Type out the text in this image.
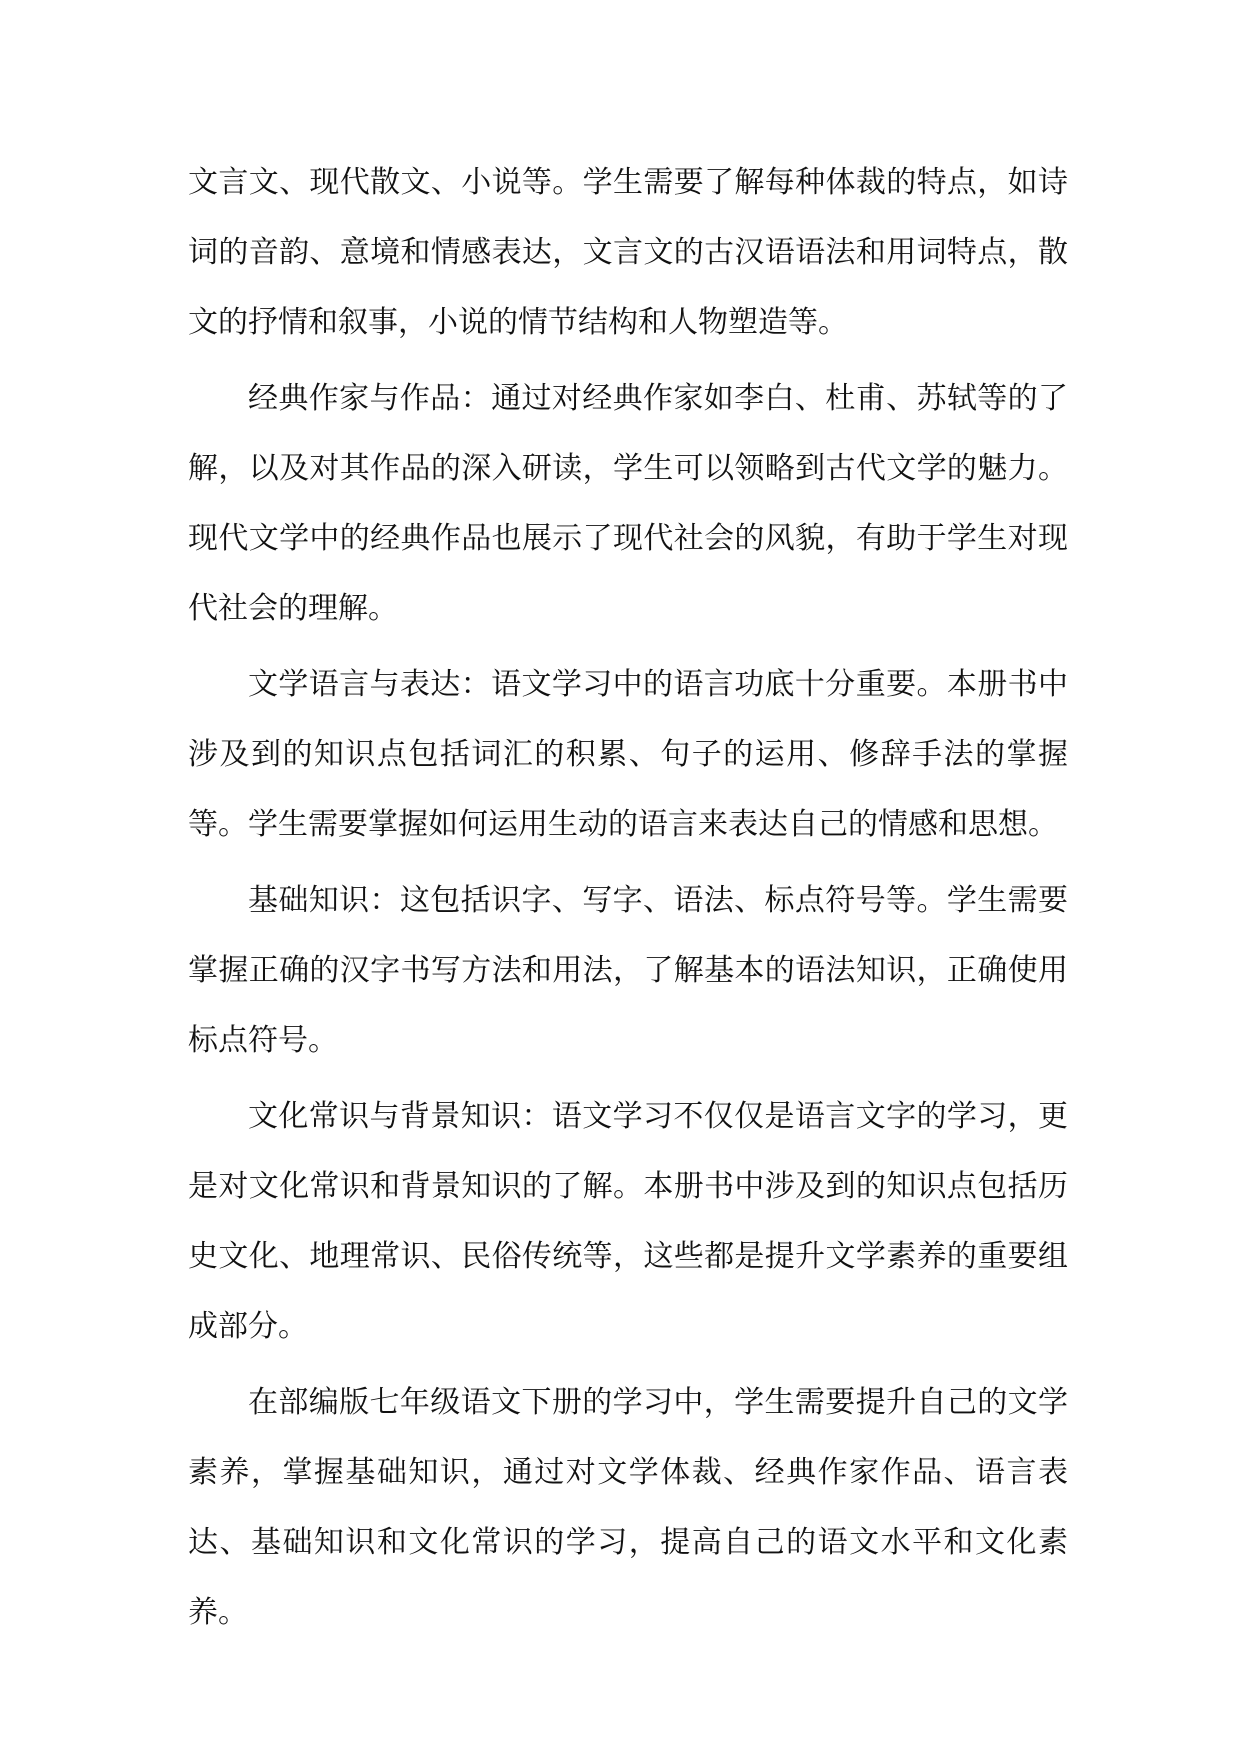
文言文、现代散文、小说等。学生需要了解每种体裁的特点，如诗词的音韵、意境和情感表达，文言文的古汉语语法和用词特点，散文的抒情和叙事，小说的情节结构和人物塑造等。

经典作家与作品：通过对经典作家如李白、杜甫、苏轼等的了解，以及对其作品的深入研读，学生可以领略到古代文学的魅力。现代文学中的经典作品也展示了现代社会的风貌，有助于学生对现代社会的理解。

文学语言与表达：语文学习中的语言功底十分重要。本册书中涉及到的知识点包括词汇的积累、句子的运用、修辞手法的掌握等。学生需要掌握如何运用生动的语言来表达自己的情感和思想。

基础知识：这包括识字、写字、语法、标点符号等。学生需要掌握正确的汉字书写方法和用法，了解基本的语法知识，正确使用标点符号。

文化常识与背景知识：语文学习不仅仅是语言文字的学习，更是对文化常识和背景知识的了解。本册书中涉及到的知识点包括历史文化、地理常识、民俗传统等，这些都是提升文学素养的重要组成部分。

在部编版七年级语文下册的学习中，学生需要提升自己的文学素养，掌握基础知识，通过对文学体裁、经典作家作品、语言表达、基础知识和文化常识的学习，提高自己的语文水平和文化素养。
